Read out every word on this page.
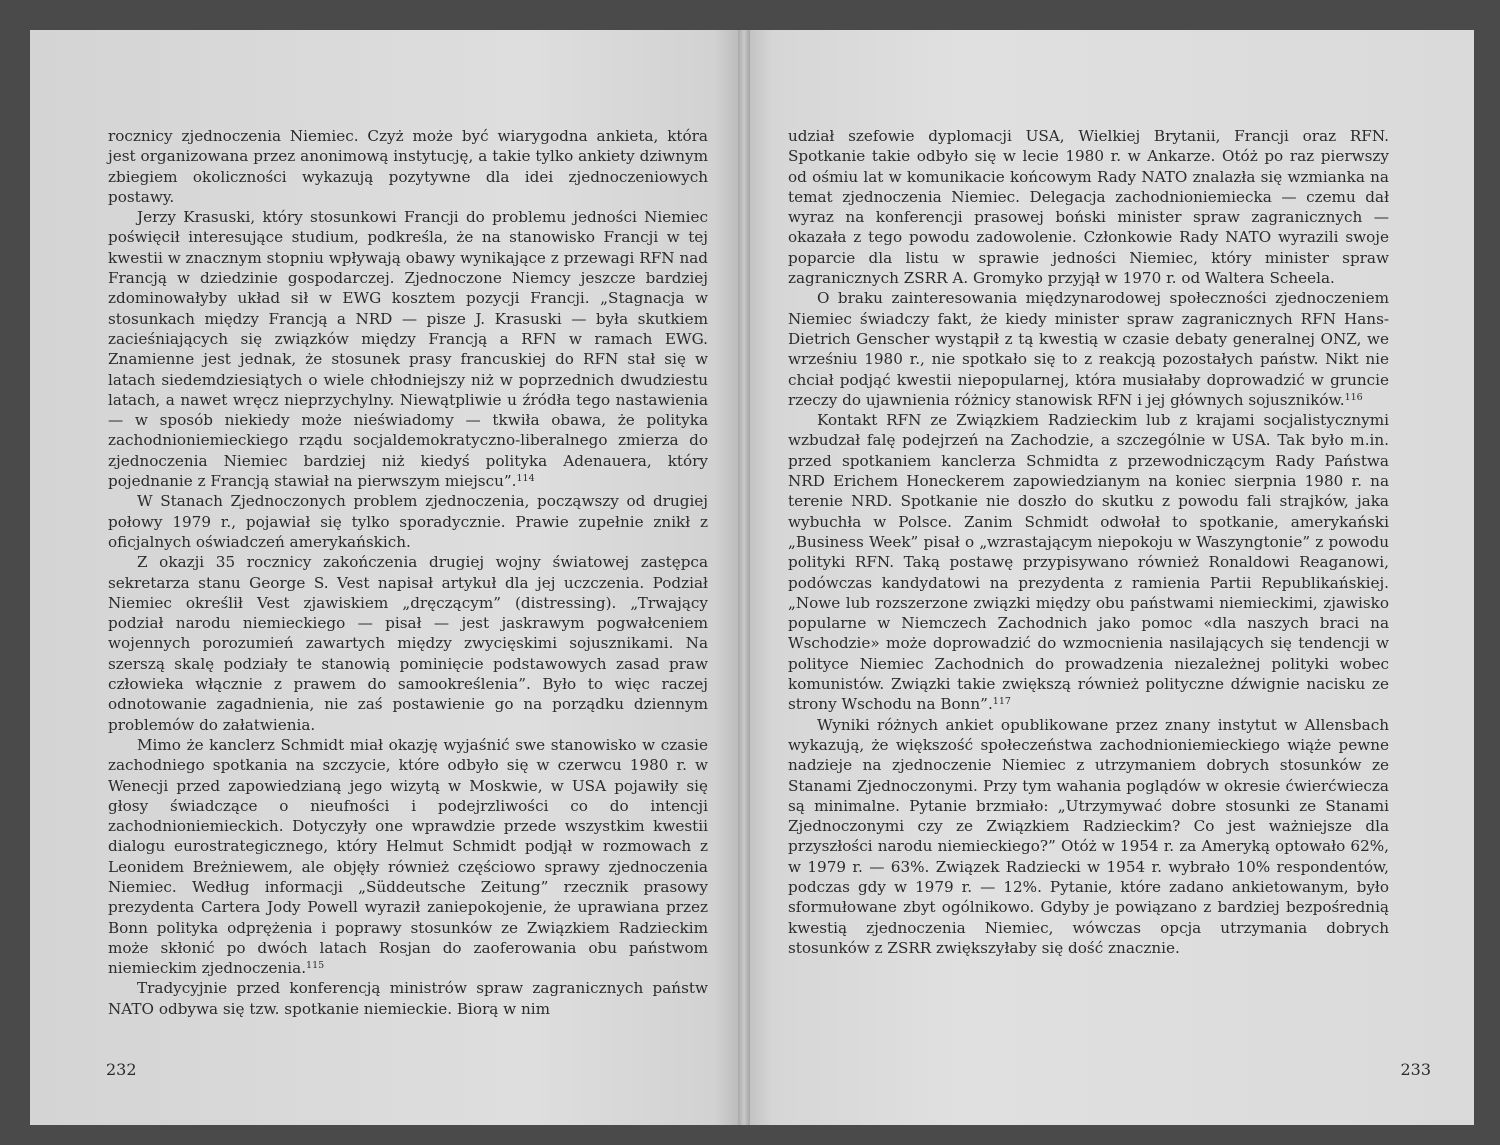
rocznicy zjednoczenia Niemiec. Czyż może być wiarygodna ankieta, która jest organizowana przez anonimową instytucję, a takie tylko ankiety dziwnym zbiegiem okoliczności wykazują pozytywne dla idei zjednoczeniowych postawy.

Jerzy Krasuski, który stosunkowi Francji do problemu jedności Niemiec poświęcił interesujące studium, podkreśla, że na stanowisko Francji w tej kwestii w znacznym stopniu wpływają obawy wynikające z przewagi RFN nad Francją w dziedzinie gospodarczej. Zjednoczone Niemcy jeszcze bardziej zdominowałyby układ sił w EWG kosztem pozycji Francji. „Stagnacja w stosunkach między Francją a NRD — pisze J. Krasuski — była skutkiem zacieśniających się związków między Francją a RFN w ramach EWG. Znamienne jest jednak, że stosunek prasy francuskiej do RFN stał się w latach siedemdziesiątych o wiele chłodniejszy niż w poprzednich dwudziestu latach, a nawet wręcz nieprzychylny. Niewątpliwie u źródła tego nastawienia — w sposób niekiedy może nieświadomy — tkwiła obawa, że polityka zachodnioniemieckiego rządu socjaldemokratyczno-liberalnego zmierza do zjednoczenia Niemiec bardziej niż kiedyś polityka Adenauera, który pojednanie z Francją stawiał na pierwszym miejscu”.$^{114}$

W Stanach Zjednoczonych problem zjednoczenia, począwszy od drugiej połowy 1979 r., pojawiał się tylko sporadycznie. Prawie zupełnie znikł z oficjalnych oświadczeń amerykańskich.

Z okazji 35 rocznicy zakończenia drugiej wojny światowej zastępca sekretarza stanu George S. Vest napisał artykuł dla jej uczczenia. Podział Niemiec określił Vest zjawiskiem „dręczącym” (distressing). „Trwający podział narodu niemieckiego — pisał — jest jaskrawym pogwałceniem wojennych porozumień zawartych między zwycięskimi sojusznikami. Na szerszą skalę podziały te stanowią pominięcie podstawowych zasad praw człowieka włącznie z prawem do samookreślenia”. Było to więc raczej odnotowanie zagadnienia, nie zaś postawienie go na porządku dziennym problemów do załatwienia.

Mimo że kanclerz Schmidt miał okazję wyjaśnić swe stanowisko w czasie zachodniego spotkania na szczycie, które odbyło się w czerwcu 1980 r. w Wenecji przed zapowiedzianą jego wizytą w Moskwie, w USA pojawiły się głosy świadczące o nieufności i podejrzliwości co do intencji zachodnioniemieckich. Dotyczyły one wprawdzie przede wszystkim kwestii dialogu eurostrategicznego, który Helmut Schmidt podjął w rozmowach z Leonidem Breżniewem, ale objęły również częściowo sprawy zjednoczenia Niemiec. Według informacji „Süddeutsche Zeitung” rzecznik prasowy prezydenta Cartera Jody Powell wyraził zaniepokojenie, że uprawiana przez Bonn polityka odprężenia i poprawy stosunków ze Związkiem Radzieckim może skłonić po dwóch latach Rosjan do zaoferowania obu państwom niemieckim zjednoczenia.$^{115}$

Tradycyjnie przed konferencją ministrów spraw zagranicznych państw NATO odbywa się tzw. spotkanie niemieckie. Biorą w nim

232

udział szefowie dyplomacji USA, Wielkiej Brytanii, Francji oraz RFN. Spotkanie takie odbyło się w lecie 1980 r. w Ankarze. Otóż po raz pierwszy od ośmiu lat w komunikacie końcowym Rady NATO znalazła się wzmianka na temat zjednoczenia Niemiec. Delegacja zachodnioniemiecka — czemu dał wyraz na konferencji prasowej boński minister spraw zagranicznych — okazała z tego powodu zadowolenie. Członkowie Rady NATO wyrazili swoje poparcie dla listu w sprawie jedności Niemiec, który minister spraw zagranicznych ZSRR A. Gromyko przyjął w 1970 r. od Waltera Scheela.

O braku zainteresowania międzynarodowej społeczności zjednoczeniem Niemiec świadczy fakt, że kiedy minister spraw zagranicznych RFN Hans-Dietrich Genscher wystąpił z tą kwestią w czasie debaty generalnej ONZ, we wrześniu 1980 r., nie spotkało się to z reakcją pozostałych państw. Nikt nie chciał podjąć kwestii niepopularnej, która musiałaby doprowadzić w gruncie rzeczy do ujawnienia różnicy stanowisk RFN i jej głównych sojuszników.$^{116}$

Kontakt RFN ze Związkiem Radzieckim lub z krajami socjalistycznymi wzbudzał falę podejrzeń na Zachodzie, a szczególnie w USA. Tak było m.in. przed spotkaniem kanclerza Schmidta z przewodniczącym Rady Państwa NRD Erichem Honeckerem zapowiedzianym na koniec sierpnia 1980 r. na terenie NRD. Spotkanie nie doszło do skutku z powodu fali strajków, jaka wybuchła w Polsce. Zanim Schmidt odwołał to spotkanie, amerykański „Business Week” pisał o „wzrastającym niepokoju w Waszyngtonie” z powodu polityki RFN. Taką postawę przypisywano również Ronaldowi Reaganowi, podówczas kandydatowi na prezydenta z ramienia Partii Republikańskiej. „Nowe lub rozszerzone związki między obu państwami niemieckimi, zjawisko popularne w Niemczech Zachodnich jako pomoc «dla naszych braci na Wschodzie» może doprowadzić do wzmocnienia nasilających się tendencji w polityce Niemiec Zachodnich do prowadzenia niezależnej polityki wobec komunistów. Związki takie zwiększą również polityczne dźwignie nacisku ze strony Wschodu na Bonn”.$^{117}$

Wyniki różnych ankiet opublikowane przez znany instytut w Allensbach wykazują, że większość społeczeństwa zachodnioniemieckiego wiąże pewne nadzieje na zjednoczenie Niemiec z utrzymaniem dobrych stosunków ze Stanami Zjednoczonymi. Przy tym wahania poglądów w okresie ćwierćwiecza są minimalne. Pytanie brzmiało: „Utrzymywać dobre stosunki ze Stanami Zjednoczonymi czy ze Związkiem Radzieckim? Co jest ważniejsze dla przyszłości narodu niemieckiego?” Otóż w 1954 r. za Ameryką optowało 62%, w 1979 r. — 63%. Związek Radziecki w 1954 r. wybrało 10% respondentów, podczas gdy w 1979 r. — 12%. Pytanie, które zadano ankietowanym, było sformułowane zbyt ogólnikowo. Gdyby je powiązano z bardziej bezpośrednią kwestią zjednoczenia Niemiec, wówczas opcja utrzymania dobrych stosunków z ZSRR zwiększyłaby się dość znacznie.

233
